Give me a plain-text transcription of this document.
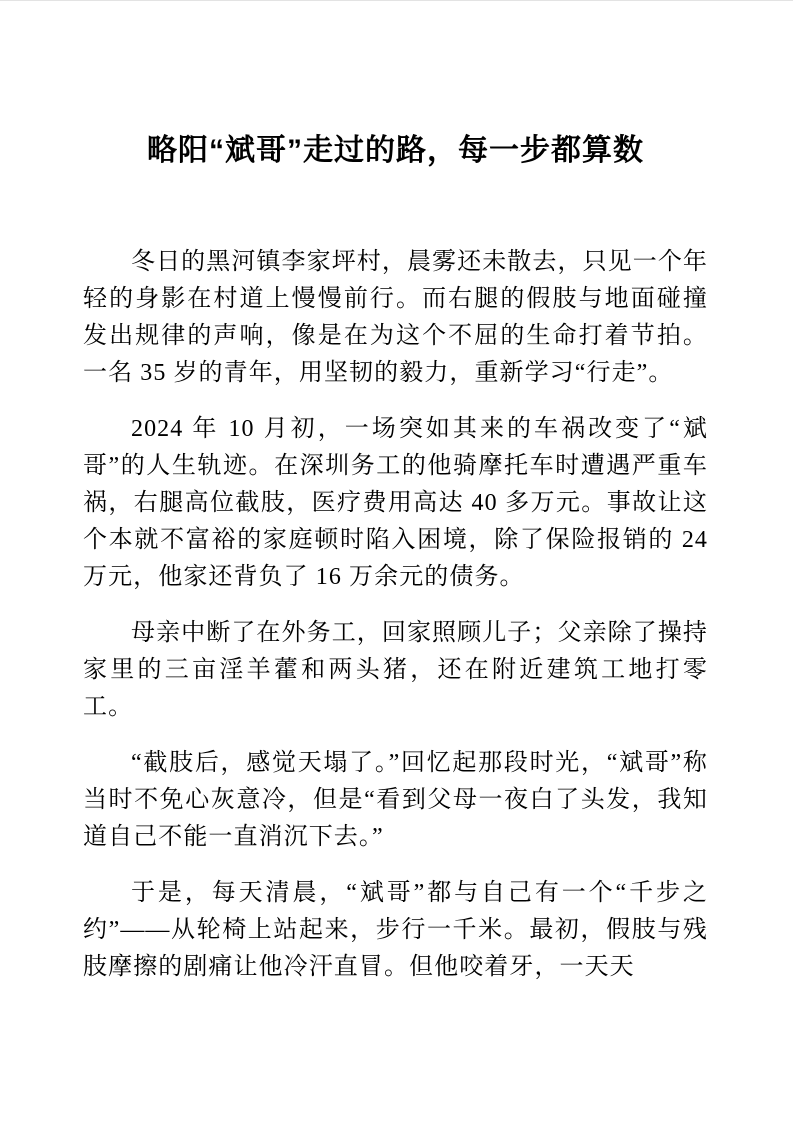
略阳“斌哥”走过的路，每一步都算数

冬日的黑河镇李家坪村，晨雾还未散去，只见一个年轻的身影在村道上慢慢前行。而右腿的假肢与地面碰撞发出规律的声响，像是在为这个不屈的生命打着节拍。一名 35 岁的青年，用坚韧的毅力，重新学习“行走”。

2024 年 10 月初，一场突如其来的车祸改变了“斌哥”的人生轨迹。在深圳务工的他骑摩托车时遭遇严重车祸，右腿高位截肢，医疗费用高达 40 多万元。事故让这个本就不富裕的家庭顿时陷入困境，除了保险报销的 24 万元，他家还背负了 16 万余元的债务。

母亲中断了在外务工，回家照顾儿子；父亲除了操持家里的三亩淫羊藿和两头猪，还在附近建筑工地打零工。

“截肢后，感觉天塌了。”回忆起那段时光，“斌哥”称当时不免心灰意冷，但是“看到父母一夜白了头发，我知道自己不能一直消沉下去。”

于是，每天清晨，“斌哥”都与自己有一个“千步之约”——从轮椅上站起来，步行一千米。最初，假肢与残肢摩擦的剧痛让他冷汗直冒。但他咬着牙，一天天
